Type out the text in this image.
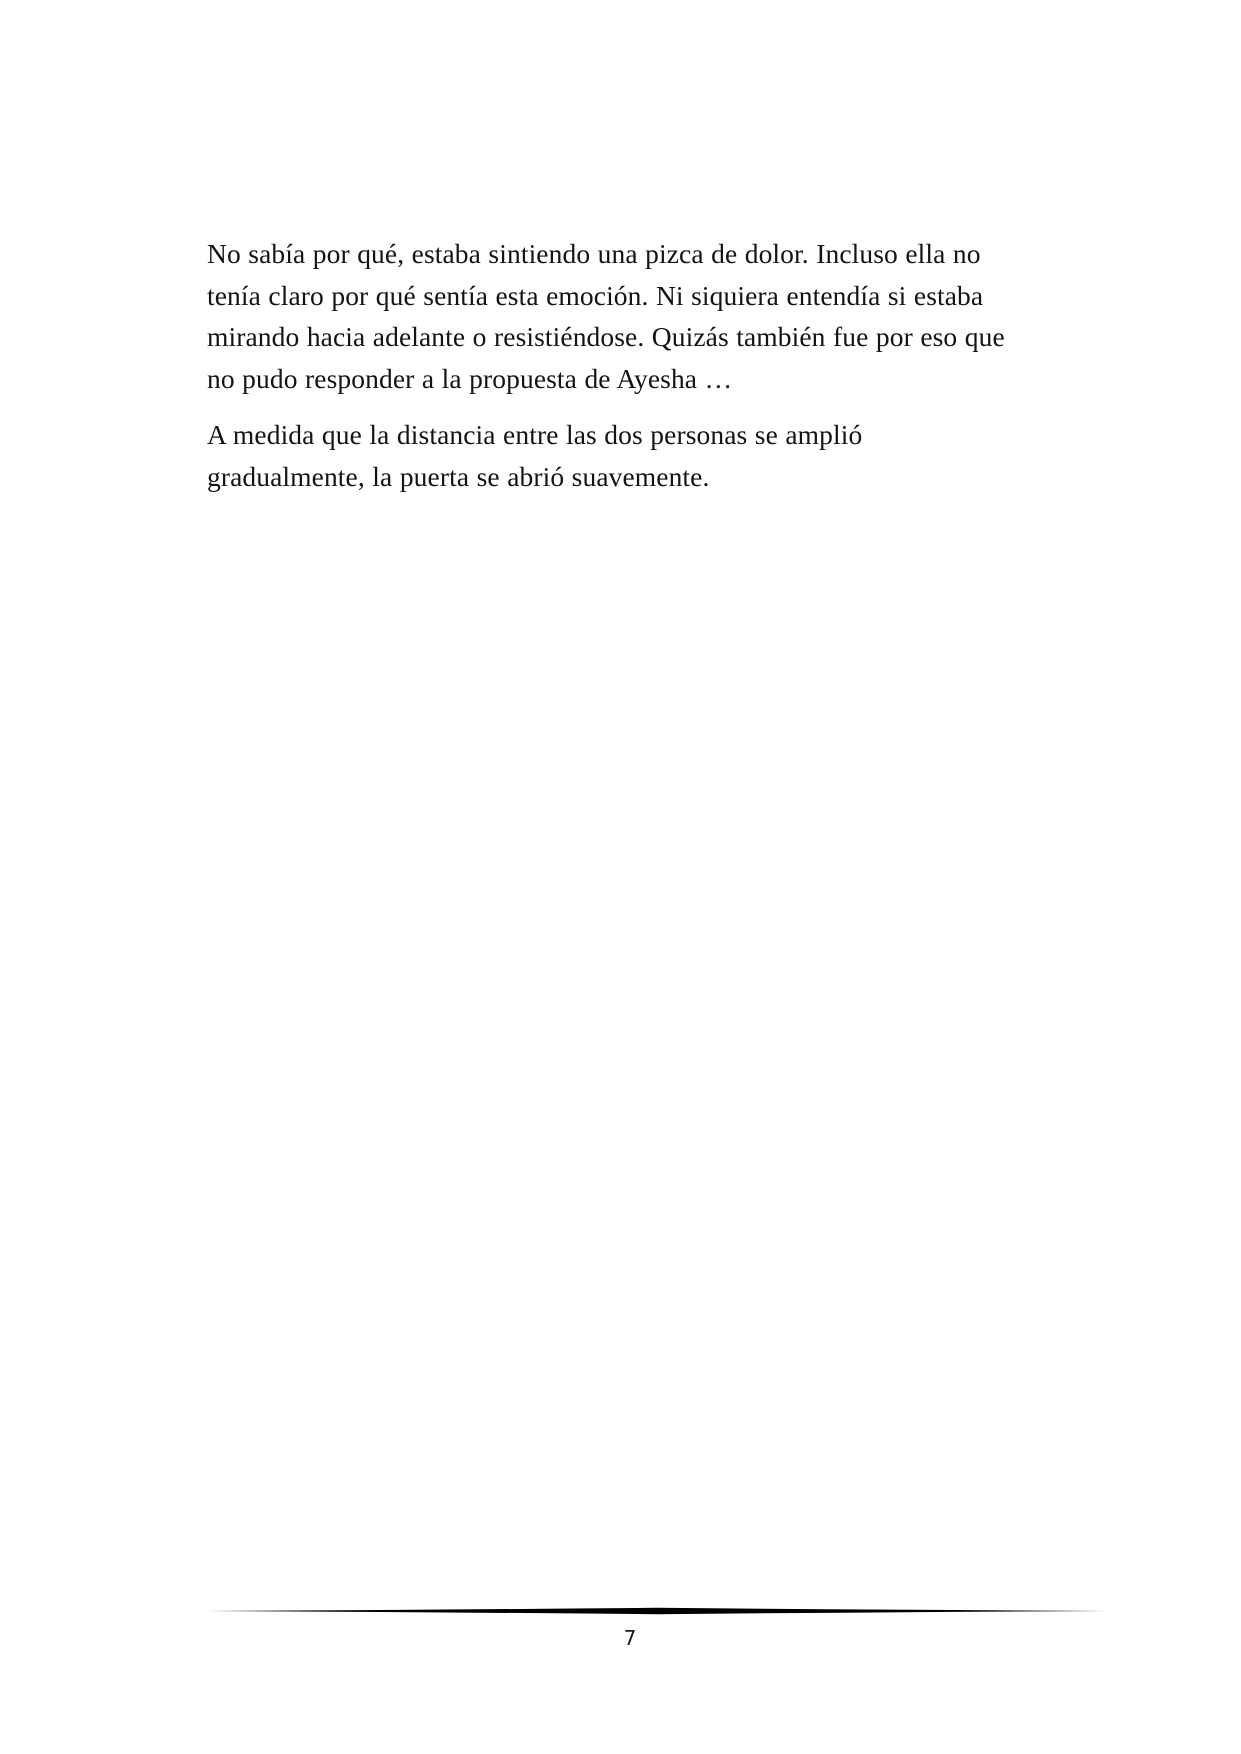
No sabía por qué, estaba sintiendo una pizca de dolor. Incluso ella no
tenía claro por qué sentía esta emoción. Ni siquiera entendía si estaba
mirando hacia adelante o resistiéndose. Quizás también fue por eso que
no pudo responder a la propuesta de Ayesha …

A medida que la distancia entre las dos personas se amplió
gradualmente, la puerta se abrió suavemente.

7
